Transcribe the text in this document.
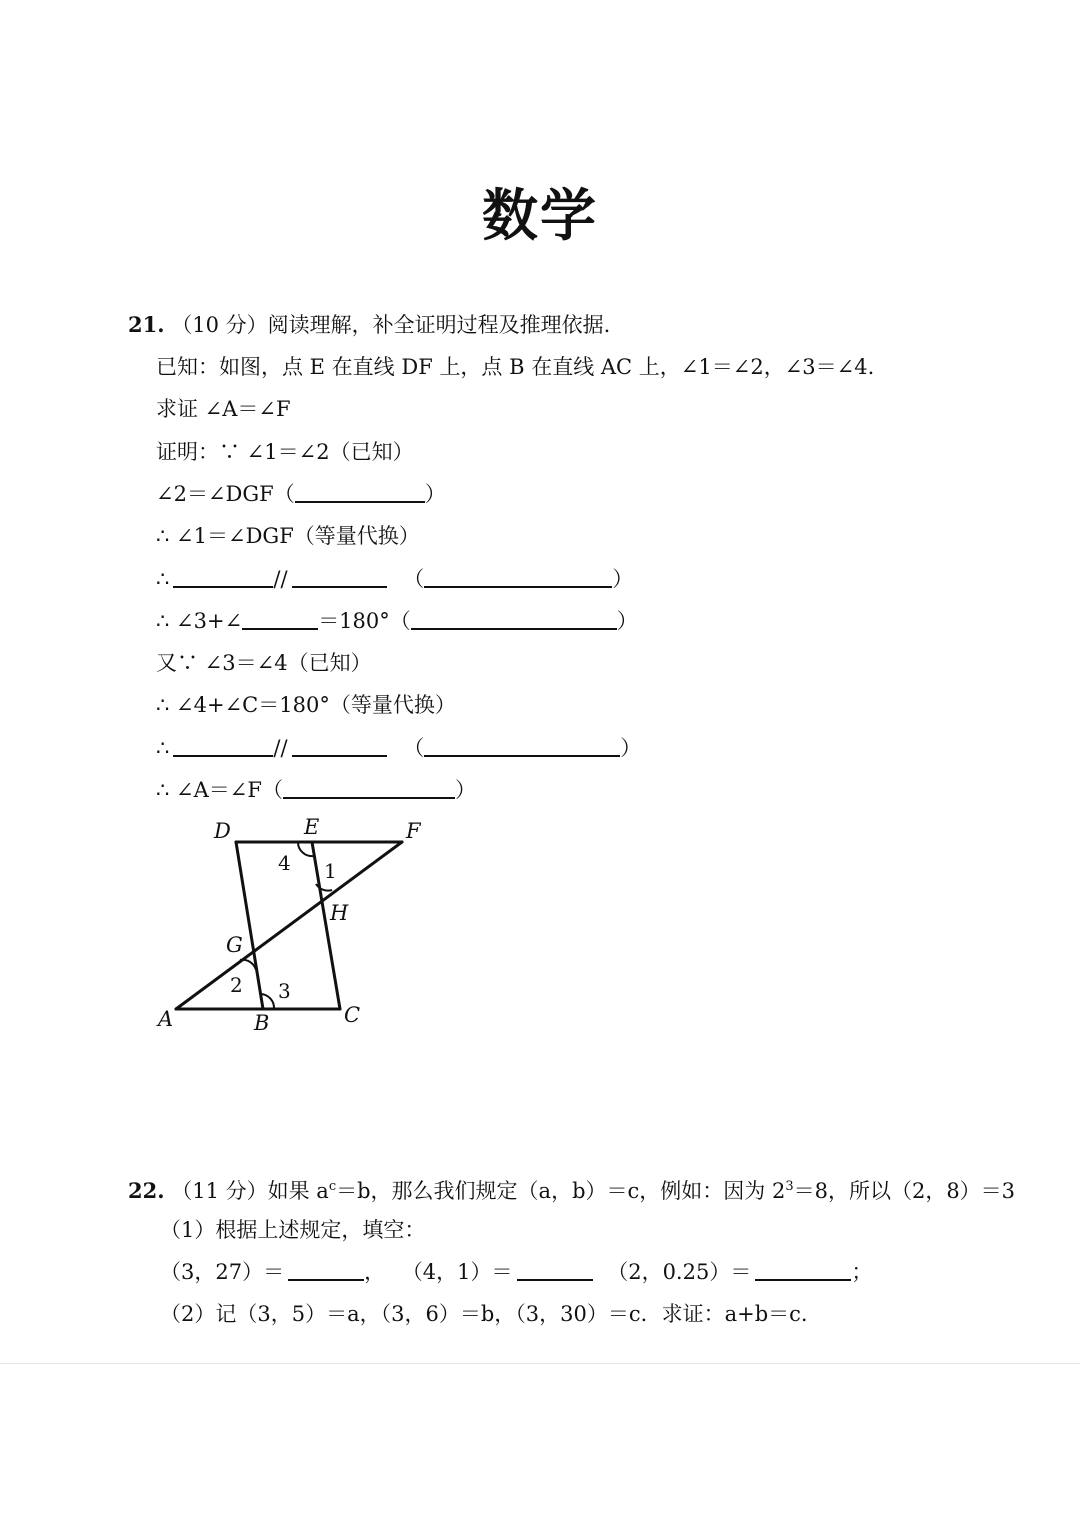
数学
21. （10 分）阅读理解，补全证明过程及推理依据.
已知：如图，点 E 在直线 DF 上，点 B 在直线 AC 上，∠1＝∠2，∠3＝∠4.
求证 ∠A＝∠F
证明：∵ ∠1＝∠2（已知）
∠2＝∠DGF（	）
∴ ∠1＝∠DGF（等量代换）
∴	//	（	）
∴ ∠3+∠	＝180°（	）
又∵ ∠3＝∠4（已知）
∴ ∠4+∠C＝180°（等量代换）
∴	//	（	）
∴ ∠A＝∠F（	）
D	E	F
H
G
A	B	C
4 1
2 3
22. （11 分）如果 $a^c=b$，那么我们规定（a，b）＝c，例如：因为 $2^3=8$，所以（2，8）＝3
（1）根据上述规定，填空：
（3，27）＝	， （4，1）＝	（2，0.25）＝	；
（2）记（3，5）＝a，（3，6）＝b，（3，30）＝c．求证：a+b＝c.
